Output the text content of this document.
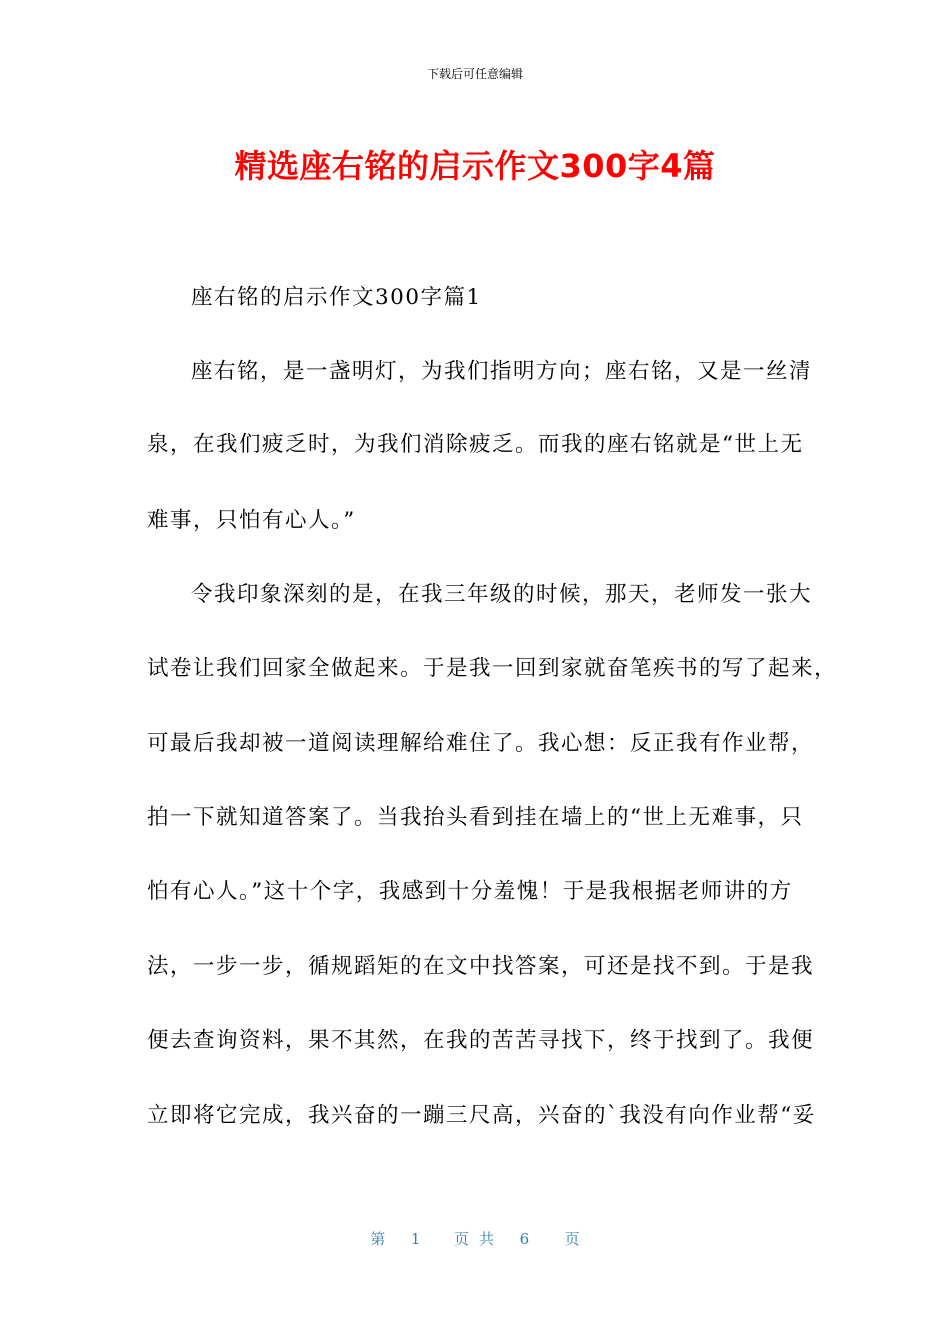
下载后可任意编辑
精选座右铭的启示作文300字4篇
座右铭的启示作文300字篇1
座右铭，是一盏明灯，为我们指明方向；座右铭，又是一丝清
泉，在我们疲乏时，为我们消除疲乏。而我的座右铭就是“世上无
难事，只怕有心人。”
令我印象深刻的是，在我三年级的时候，那天，老师发一张大
试卷让我们回家全做起来。于是我一回到家就奋笔疾书的写了起来，
可最后我却被一道阅读理解给难住了。我心想：反正我有作业帮，
拍一下就知道答案了。当我抬头看到挂在墙上的“世上无难事，只
怕有心人。”这十个字，我感到十分羞愧！于是我根据老师讲的方
法，一步一步，循规蹈矩的在文中找答案，可还是找不到。于是我
便去查询资料，果不其然，在我的苦苦寻找下，终于找到了。我便
立即将它完成，我兴奋的一蹦三尺高，兴奋的`我没有向作业帮“妥
第 1 页共 6 页
